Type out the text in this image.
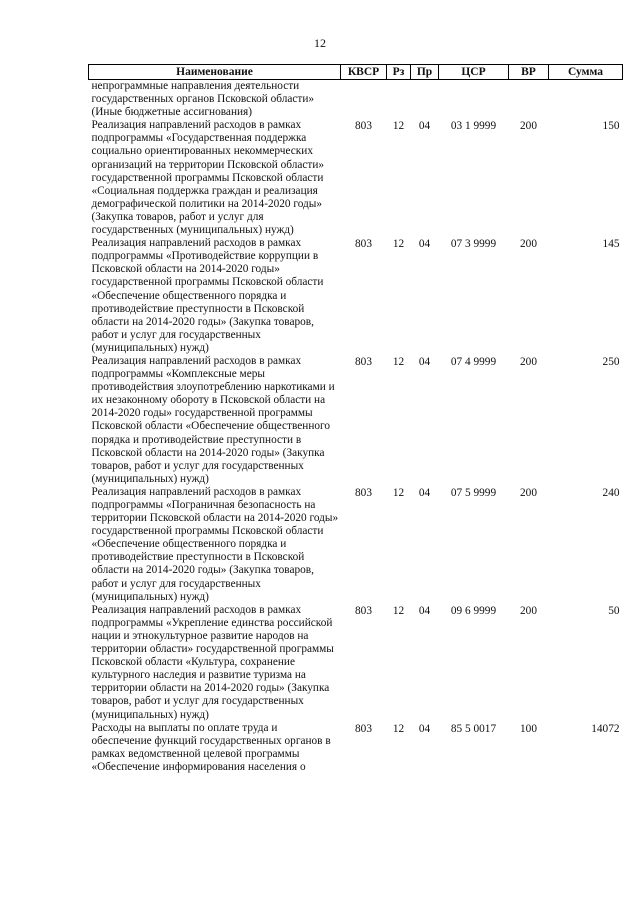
12
Наименование	КВСР	Рз	Пр	ЦСР	ВР	Сумма
непрограммные направления деятельности государственных органов Псковской области» (Иные бюджетные ассигнования)						
Реализация направлений расходов в рамках подпрограммы «Государственная поддержка социально ориентированных некоммерческих организаций на территории Псковской области» государственной программы Псковской области «Социальная поддержка граждан и реализация демографической политики на 2014-2020 годы» (Закупка товаров, работ и услуг для государственных (муниципальных) нужд)	803	12	04	03 1 9999	200	150
Реализация направлений расходов в рамках подпрограммы «Противодействие коррупции в Псковской области на 2014-2020 годы» государственной программы Псковской области «Обеспечение общественного порядка и противодействие преступности в Псковской области на 2014-2020 годы» (Закупка товаров, работ и услуг для государственных (муниципальных) нужд)	803	12	04	07 3 9999	200	145
Реализация направлений расходов в рамках подпрограммы «Комплексные меры противодействия злоупотреблению наркотиками и их незаконному обороту в Псковской области на 2014-2020 годы» государственной программы Псковской области «Обеспечение общественного порядка и противодействие преступности в Псковской области на 2014-2020 годы» (Закупка товаров, работ и услуг для государственных (муниципальных) нужд)	803	12	04	07 4 9999	200	250
Реализация направлений расходов в рамках подпрограммы «Пограничная безопасность на территории Псковской области на 2014-2020 годы» государственной программы Псковской области «Обеспечение общественного порядка и противодействие преступности в Псковской области на 2014-2020 годы» (Закупка товаров, работ и услуг для государственных (муниципальных) нужд)	803	12	04	07 5 9999	200	240
Реализация направлений расходов в рамках подпрограммы «Укрепление единства российской нации и этнокультурное развитие народов на территории области» государственной программы Псковской области «Культура, сохранение культурного наследия и развитие туризма на территории области на 2014-2020 годы» (Закупка товаров, работ и услуг для государственных (муниципальных) нужд)	803	12	04	09 6 9999	200	50
Расходы на выплаты по оплате труда и обеспечение функций государственных органов в рамках ведомственной целевой программы «Обеспечение информирования населения о	803	12	04	85 5 0017	100	14072
